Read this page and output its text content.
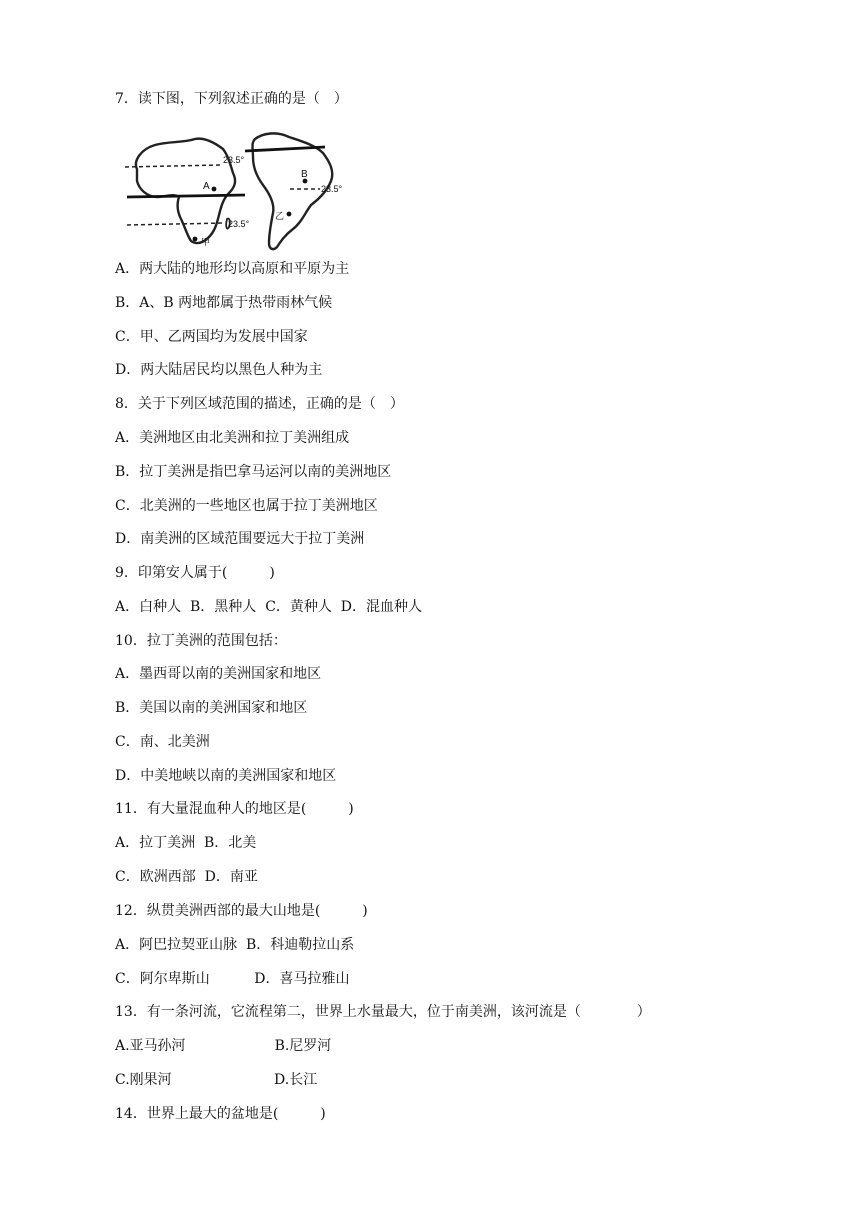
7．读下图，下列叙述正确的是（　）
23.5°
23.5°
23.5°
A
B
甲
乙
A．两大陆的地形均以高原和平原为主
B．A、B 两地都属于热带雨林气候
C．甲、乙两国均为发展中国家
D．两大陆居民均以黑色人种为主
8．关于下列区域范围的描述，正确的是（　）
A．美洲地区由北美洲和拉丁美洲组成
B．拉丁美洲是指巴拿马运河以南的美洲地区
C．北美洲的一些地区也属于拉丁美洲地区
D．南美洲的区域范围要远大于拉丁美洲
9．印第安人属于(　　　)
A．白种人  B．黑种人  C．黄种人  D．混血种人
10．拉丁美洲的范围包括：
A．墨西哥以南的美洲国家和地区
B．美国以南的美洲国家和地区
C．南、北美洲
D．中美地峡以南的美洲国家和地区
11．有大量混血种人的地区是(　　　)
A．拉丁美洲  B．北美
C．欧洲西部  D．南亚
12．纵贯美洲西部的最大山地是(　　　)
A．阿巴拉契亚山脉  B．科迪勒拉山系
C．阿尔卑斯山          D．喜马拉雅山
13．有一条河流，它流程第二，世界上水量最大，位于南美洲，该河流是（　　　　）
A.亚马孙河                    B.尼罗河
C.刚果河                       D.长江
14．世界上最大的盆地是(　　　)
